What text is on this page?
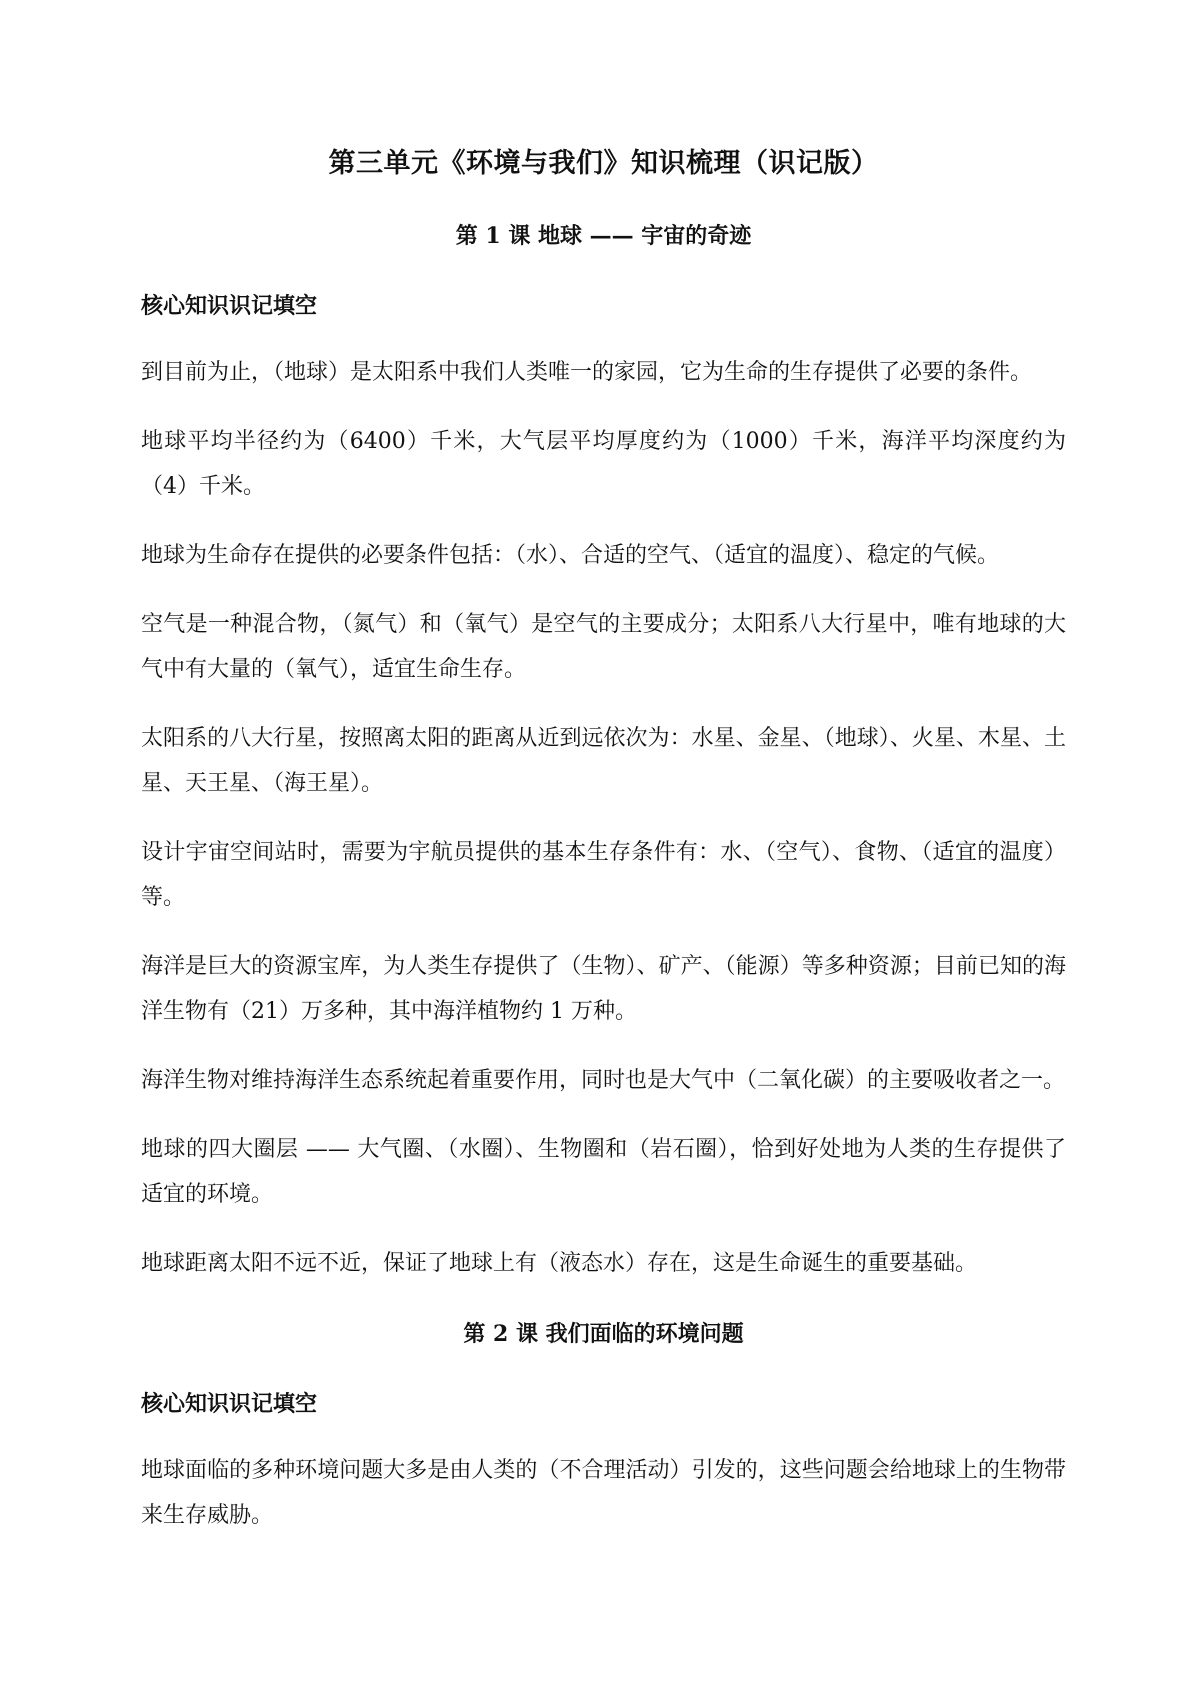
第三单元《环境与我们》知识梳理（识记版）
第 1 课 地球 —— 宇宙的奇迹
核心知识识记填空

到目前为止，（地球）是太阳系中我们人类唯一的家园，它为生命的生存提供了必要的条件。

地球平均半径约为（6400）千米，大气层平均厚度约为（1000）千米，海洋平均深度约为（4）千米。

地球为生命存在提供的必要条件包括：（水）、合适的空气、（适宜的温度）、稳定的气候。

空气是一种混合物，（氮气）和（氧气）是空气的主要成分；太阳系八大行星中，唯有地球的大气中有大量的（氧气），适宜生命生存。

太阳系的八大行星，按照离太阳的距离从近到远依次为：水星、金星、（地球）、火星、木星、土星、天王星、（海王星）。

设计宇宙空间站时，需要为宇航员提供的基本生存条件有：水、（空气）、食物、（适宜的温度）等。

海洋是巨大的资源宝库，为人类生存提供了（生物）、矿产、（能源）等多种资源；目前已知的海洋生物有（21）万多种，其中海洋植物约 1 万种。

海洋生物对维持海洋生态系统起着重要作用，同时也是大气中（二氧化碳）的主要吸收者之一。

地球的四大圈层 —— 大气圈、（水圈）、生物圈和（岩石圈），恰到好处地为人类的生存提供了适宜的环境。

地球距离太阳不远不近，保证了地球上有（液态水）存在，这是生命诞生的重要基础。

第 2 课 我们面临的环境问题
核心知识识记填空

地球面临的多种环境问题大多是由人类的（不合理活动）引发的，这些问题会给地球上的生物带来生存威胁。
